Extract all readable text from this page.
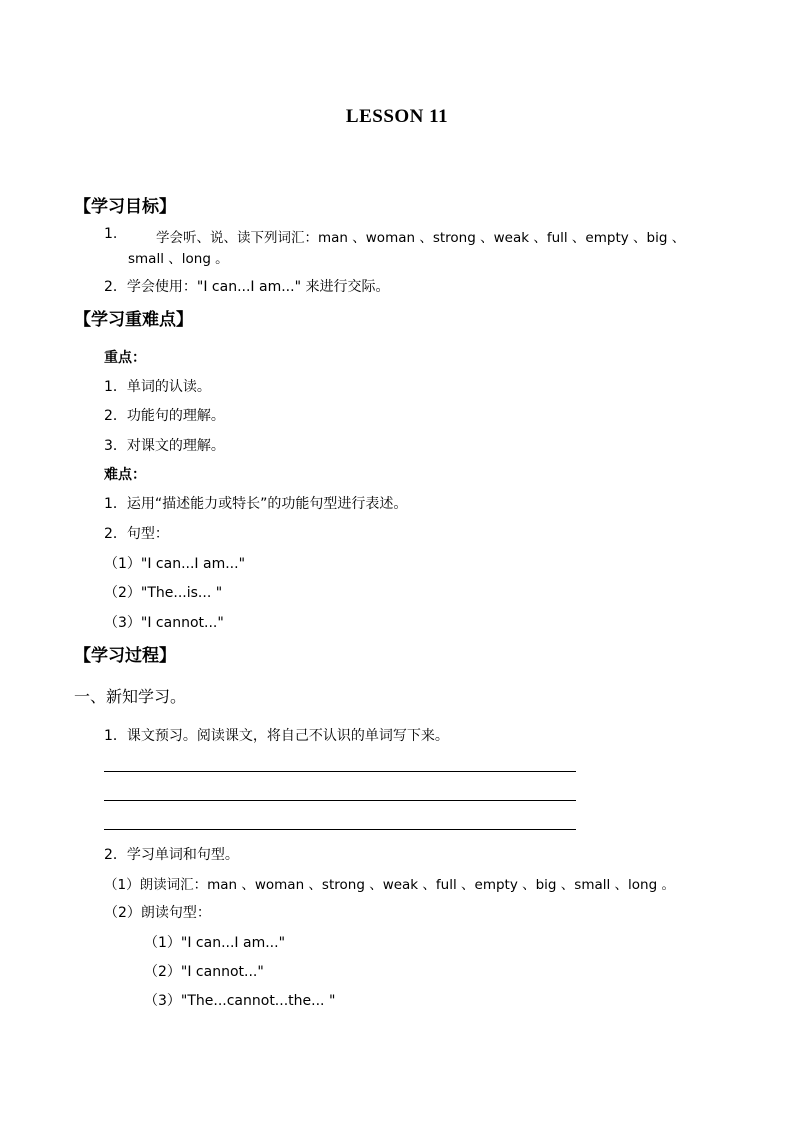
LESSON 11
【学习目标】
1.	学会听、说、读下列词汇：man 、woman 、strong 、weak 、full 、empty 、big 、
small 、long 。
2．学会使用："I can...I am..." 来进行交际。
【学习重难点】
重点：
1．单词的认读。
2．功能句的理解。
3．对课文的理解。
难点：
1．运用“描述能力或特长”的功能句型进行表述。
2．句型：
（1）"I can...I am..."
（2）"The...is... "
（3）"I cannot..."
【学习过程】
一、新知学习。
1．课文预习。阅读课文，将自己不认识的单词写下来。
2．学习单词和句型。
（1）朗读词汇：man 、woman 、strong 、weak 、full 、empty 、big 、small 、long 。
（2）朗读句型：
（1）"I can...I am..."
（2）"I cannot..."
（3）"The...cannot...the... "
